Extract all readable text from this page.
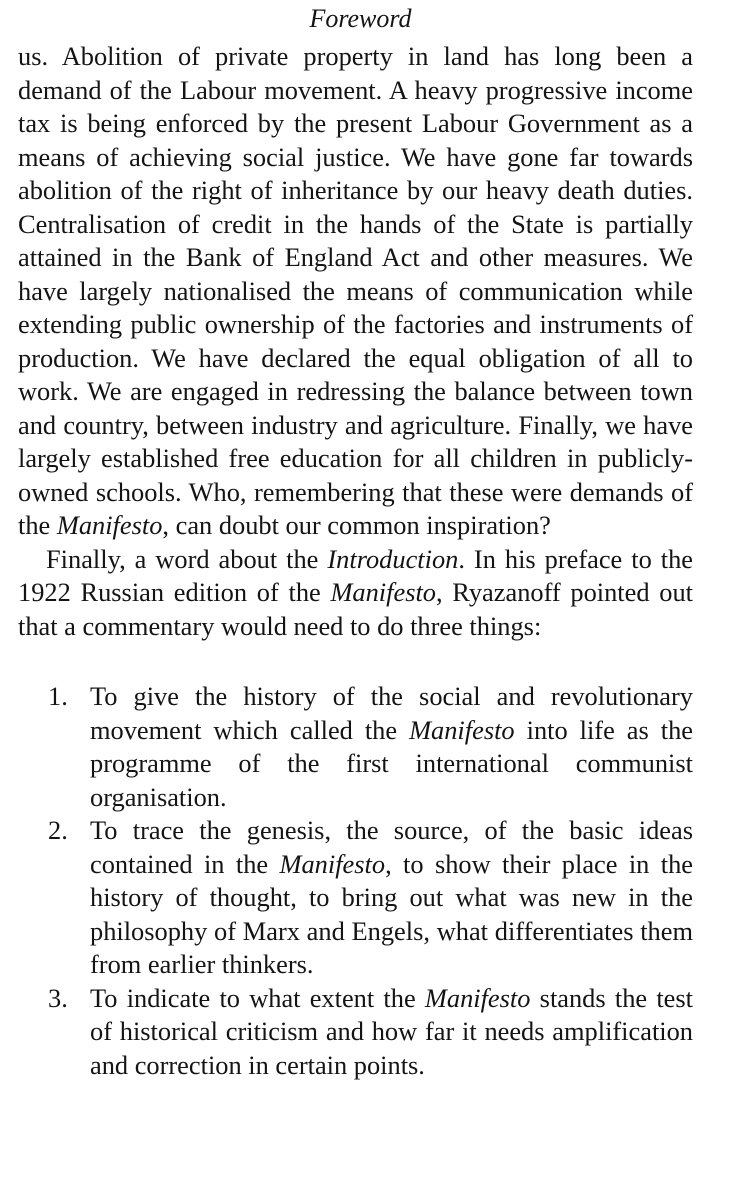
Foreword

us. Abolition of private property in land has long been a demand of the Labour movement. A heavy progressive income tax is being enforced by the present Labour Government as a means of achieving social justice. We have gone far towards abolition of the right of inheritance by our heavy death duties. Centralisation of credit in the hands of the State is partially attained in the Bank of England Act and other measures. We have largely nationalised the means of communication while extending public ownership of the factories and instruments of production. We have declared the equal obligation of all to work. We are engaged in redressing the balance between town and country, between industry and agriculture. Finally, we have largely established free education for all children in publicly-owned schools. Who, remembering that these were demands of the Manifesto, can doubt our common inspiration?

Finally, a word about the Introduction. In his preface to the 1922 Russian edition of the Manifesto, Ryazanoff pointed out that a commentary would need to do three things:

1. To give the history of the social and revolutionary movement which called the Manifesto into life as the programme of the first international communist organisation.
2. To trace the genesis, the source, of the basic ideas contained in the Manifesto, to show their place in the history of thought, to bring out what was new in the philosophy of Marx and Engels, what differentiates them from earlier thinkers.
3. To indicate to what extent the Manifesto stands the test of historical criticism and how far it needs amplification and correction in certain points.
